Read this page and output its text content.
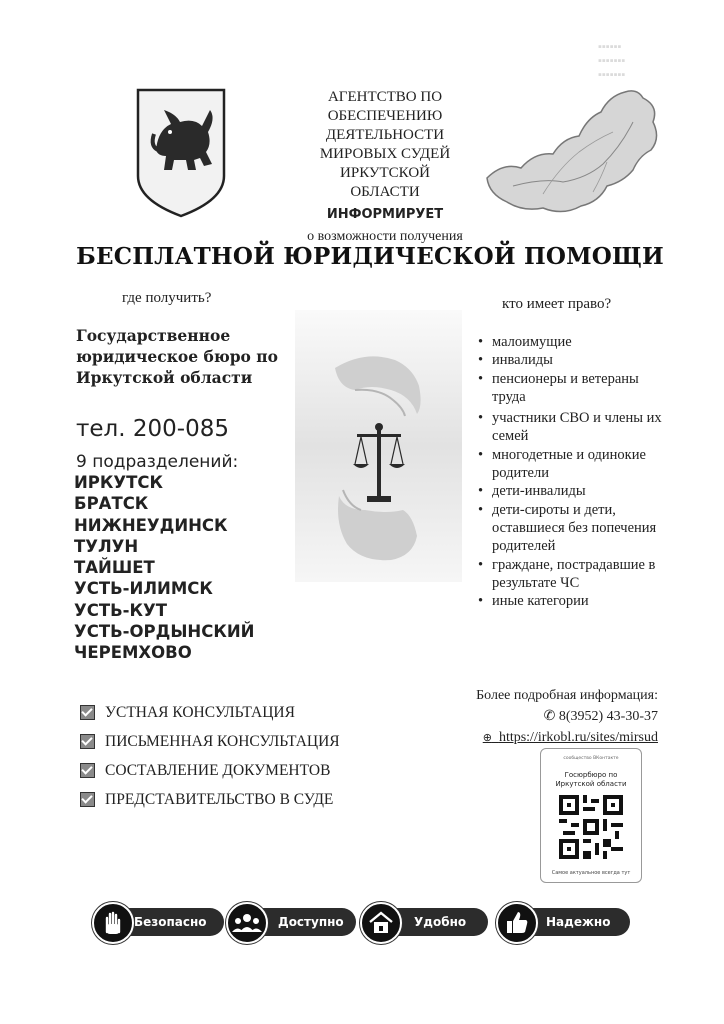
▪▪▪▪▪▪
▪▪▪▪▪▪▪
▪▪▪▪▪▪▪
АГЕНТСТВО ПО
ОБЕСПЕЧЕНИЮ
ДЕЯТЕЛЬНОСТИ
МИРОВЫХ СУДЕЙ
ИРКУТСКОЙ
ОБЛАСТИ
ИНФОРМИРУЕТ
о возможности получения
БЕСПЛАТНОЙ ЮРИДИЧЕСКОЙ ПОМОЩИ
где получить?	кто имеет право?
Государственное юридическое бюро по Иркутской области
тел. 200-085
9 подразделений:
ИРКУТСК
БРАТСК
НИЖНЕУДИНСК
ТУЛУН
ТАЙШЕТ
УСТЬ-ИЛИМСК
УСТЬ-КУТ
УСТЬ-ОРДЫНСКИЙ
ЧЕРЕМХОВО
• малоимущие
• инвалиды
• пенсионеры и ветераны труда
• участники СВО и члены их семей
• многодетные и одинокие родители
• дети-инвалиды
• дети-сироты и дети, оставшиеся без попечения родителей
• граждане, пострадавшие в результате ЧС
• иные категории
УСТНАЯ КОНСУЛЬТАЦИЯ
ПИСЬМЕННАЯ КОНСУЛЬТАЦИЯ
СОСТАВЛЕНИЕ ДОКУМЕНТОВ
ПРЕДСТАВИТЕЛЬСТВО В СУДЕ
Более подробная информация:
✆ 8(3952) 43-30-37
⊕ https://irkobl.ru/sites/mirsud
сообщество ВКонтакте
Госюрбюро по Иркутской области
Самое актуальное всегда тут
Безопасно	Доступно	Удобно	Надежно
